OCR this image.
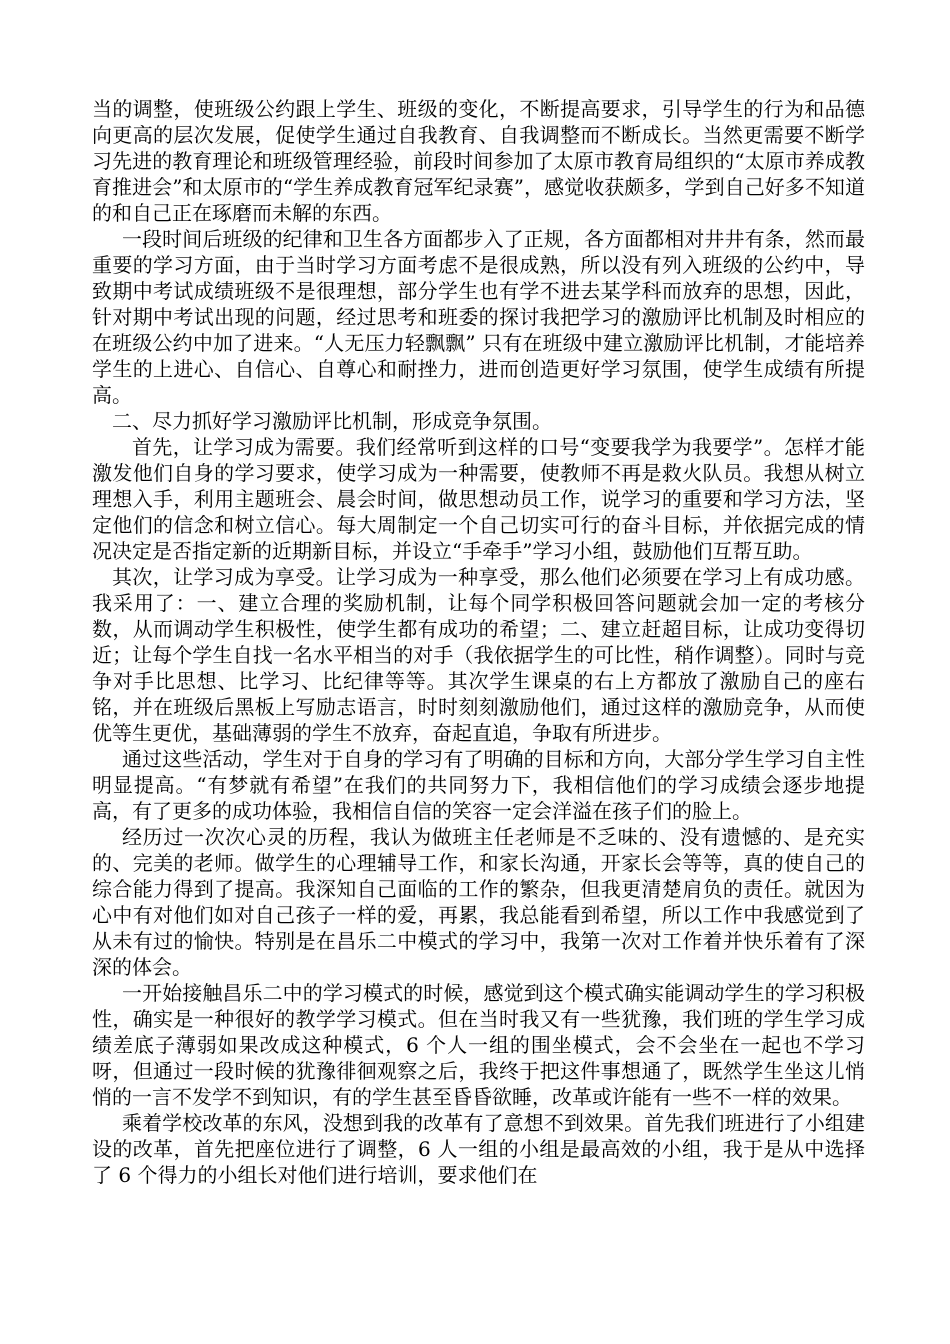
当的调整，使班级公约跟上学生、班级的变化，不断提高要求，引导学生的行为和品德向更高的层次发展，促使学生通过自我教育、自我调整而不断成长。当然更需要不断学习先进的教育理论和班级管理经验，前段时间参加了太原市教育局组织的“太原市养成教育推进会”和太原市的“学生养成教育冠军纪录赛”，感觉收获颇多，学到自己好多不知道的和自己正在琢磨而未解的东西。

一段时间后班级的纪律和卫生各方面都步入了正规，各方面都相对井井有条，然而最重要的学习方面，由于当时学习方面考虑不是很成熟，所以没有列入班级的公约中，导致期中考试成绩班级不是很理想，部分学生也有学不进去某学科而放弃的思想，因此，针对期中考试出现的问题，经过思考和班委的探讨我把学习的激励评比机制及时相应的在班级公约中加了进来。“人无压力轻飘飘” 只有在班级中建立激励评比机制，才能培养学生的上进心、自信心、自尊心和耐挫力，进而创造更好学习氛围，使学生成绩有所提高。

二、尽力抓好学习激励评比机制，形成竞争氛围。

首先，让学习成为需要。我们经常听到这样的口号“变要我学为我要学”。怎样才能激发他们自身的学习要求，使学习成为一种需要，使教师不再是救火队员。我想从树立理想入手，利用主题班会、晨会时间，做思想动员工作，说学习的重要和学习方法，坚定他们的信念和树立信心。每大周制定一个自己切实可行的奋斗目标，并依据完成的情况决定是否指定新的近期新目标，并设立“手牵手”学习小组，鼓励他们互帮互助。

其次，让学习成为享受。让学习成为一种享受，那么他们必须要在学习上有成功感。我采用了：一、建立合理的奖励机制，让每个同学积极回答问题就会加一定的考核分数，从而调动学生积极性，使学生都有成功的希望；二、建立赶超目标，让成功变得切近；让每个学生自找一名水平相当的对手（我依据学生的可比性，稍作调整）。同时与竞争对手比思想、比学习、比纪律等等。其次学生课桌的右上方都放了激励自己的座右铭，并在班级后黑板上写励志语言，时时刻刻激励他们，通过这样的激励竞争，从而使优等生更优，基础薄弱的学生不放弃，奋起直追，争取有所进步。

通过这些活动，学生对于自身的学习有了明确的目标和方向，大部分学生学习自主性明显提高。“有梦就有希望”在我们的共同努力下，我相信他们的学习成绩会逐步地提高，有了更多的成功体验，我相信自信的笑容一定会洋溢在孩子们的脸上。

经历过一次次心灵的历程，我认为做班主任老师是不乏味的、没有遗憾的、是充实的、完美的老师。做学生的心理辅导工作，和家长沟通，开家长会等等，真的使自己的综合能力得到了提高。我深知自己面临的工作的繁杂，但我更清楚肩负的责任。就因为心中有对他们如对自己孩子一样的爱，再累，我总能看到希望，所以工作中我感觉到了从未有过的愉快。特别是在昌乐二中模式的学习中，我第一次对工作着并快乐着有了深深的体会。

一开始接触昌乐二中的学习模式的时候，感觉到这个模式确实能调动学生的学习积极性，确实是一种很好的教学学习模式。但在当时我又有一些犹豫，我们班的学生学习成绩差底子薄弱如果改成这种模式，6 个人一组的围坐模式，会不会坐在一起也不学习呀，但通过一段时候的犹豫徘徊观察之后，我终于把这件事想通了，既然学生坐这儿悄悄的一言不发学不到知识，有的学生甚至昏昏欲睡，改革或许能有一些不一样的效果。

乘着学校改革的东风，没想到我的改革有了意想不到效果。首先我们班进行了小组建设的改革，首先把座位进行了调整，6 人一组的小组是最高效的小组，我于是从中选择了 6 个得力的小组长对他们进行培训，要求他们在
